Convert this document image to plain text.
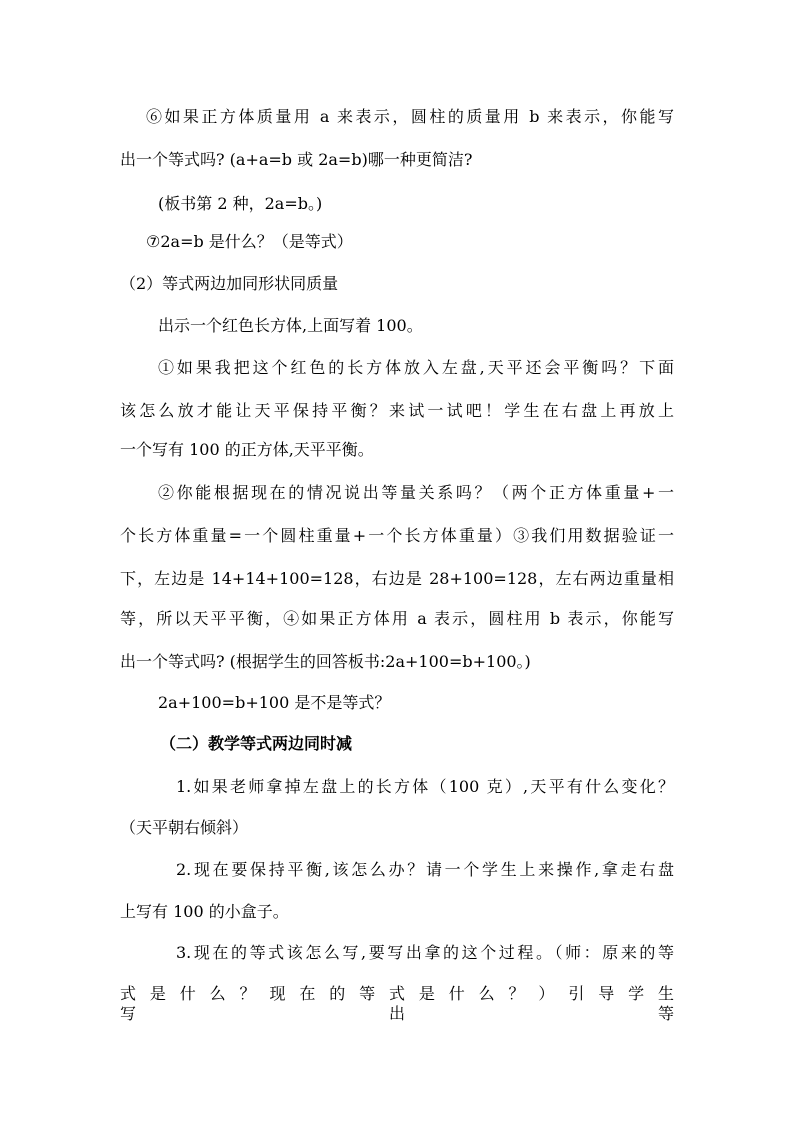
⑥如果正方体质量用 a 来表示，圆柱的质量用 b 来表示，你能写
出一个等式吗? (a+a=b 或 2a=b)哪一种更简洁?
(板书第 2 种，2a=b。)
⑦2a=b 是什么？（是等式）
（2）等式两边加同形状同质量
出示一个红色长方体,上面写着 100。
①如果我把这个红色的长方体放入左盘,天平还会平衡吗？下面
该怎么放才能让天平保持平衡？来试一试吧！学生在右盘上再放上
一个写有 100 的正方体,天平平衡。
②你能根据现在的情况说出等量关系吗？（两个正方体重量+一
个长方体重量=一个圆柱重量+一个长方体重量）③我们用数据验证一
下，左边是 14+14+100=128，右边是 28+100=128，左右两边重量相
等，所以天平平衡，④如果正方体用 a 表示，圆柱用 b 表示，你能写
出一个等式吗? (根据学生的回答板书:2a+100=b+100。)
2a+100=b+100 是不是等式？
（二）教学等式两边同时减
1.如果老师拿掉左盘上的长方体（100 克）,天平有什么变化？
（天平朝右倾斜）
2.现在要保持平衡,该怎么办？请一个学生上来操作,拿走右盘
上写有 100 的小盒子。
3.现在的等式该怎么写,要写出拿的这个过程。（师：原来的等
式 是 什 么 ？ 现 在 的 等 式 是 什 么 ？ ） 引 导 学 生 写 出 等
